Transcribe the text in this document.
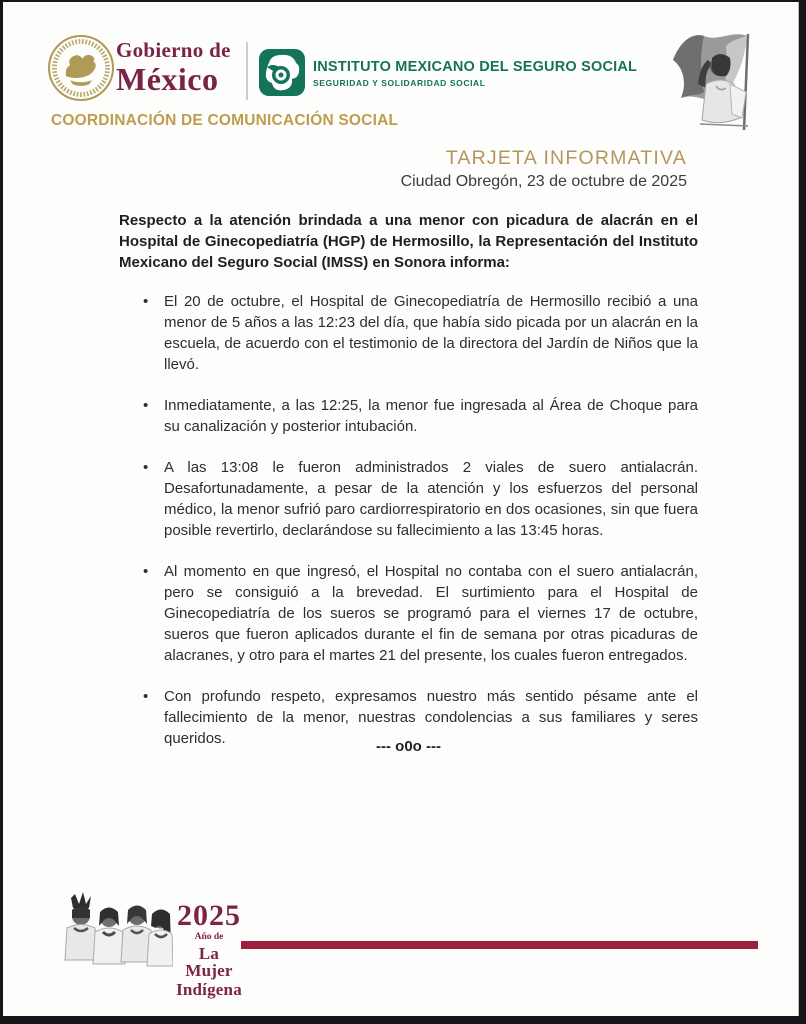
Gobierno de
México	INSTITUTO MEXICANO DEL SEGURO SOCIAL
SEGURIDAD Y SOLIDARIDAD SOCIAL
COORDINACIÓN DE COMUNICACIÓN SOCIAL
TARJETA INFORMATIVA
Ciudad Obregón, 23 de octubre de 2025

Respecto a la atención brindada a una menor con picadura de alacrán en el Hospital de Ginecopediatría (HGP) de Hermosillo, la Representación del Instituto Mexicano del Seguro Social (IMSS) en Sonora informa:

• El 20 de octubre, el Hospital de Ginecopediatría de Hermosillo recibió a una menor de 5 años a las 12:23 del día, que había sido picada por un alacrán en la escuela, de acuerdo con el testimonio de la directora del Jardín de Niños que la llevó.
• Inmediatamente, a las 12:25, la menor fue ingresada al Área de Choque para su canalización y posterior intubación.
• A las 13:08 le fueron administrados 2 viales de suero antialacrán. Desafortunadamente, a pesar de la atención y los esfuerzos del personal médico, la menor sufrió paro cardiorrespiratorio en dos ocasiones, sin que fuera posible revertirlo, declarándose su fallecimiento a las 13:45 horas.
• Al momento en que ingresó, el Hospital no contaba con el suero antialacrán, pero se consiguió a la brevedad. El surtimiento para el Hospital de Ginecopediatría de los sueros se programó para el viernes 17 de octubre, sueros que fueron aplicados durante el fin de semana por otras picaduras de alacranes, y otro para el martes 21 del presente, los cuales fueron entregados.
• Con profundo respeto, expresamos nuestro más sentido pésame ante el fallecimiento de la menor, nuestras condolencias a sus familiares y seres queridos.	--- o0o ---
2025
Año de
La Mujer
Indígena
